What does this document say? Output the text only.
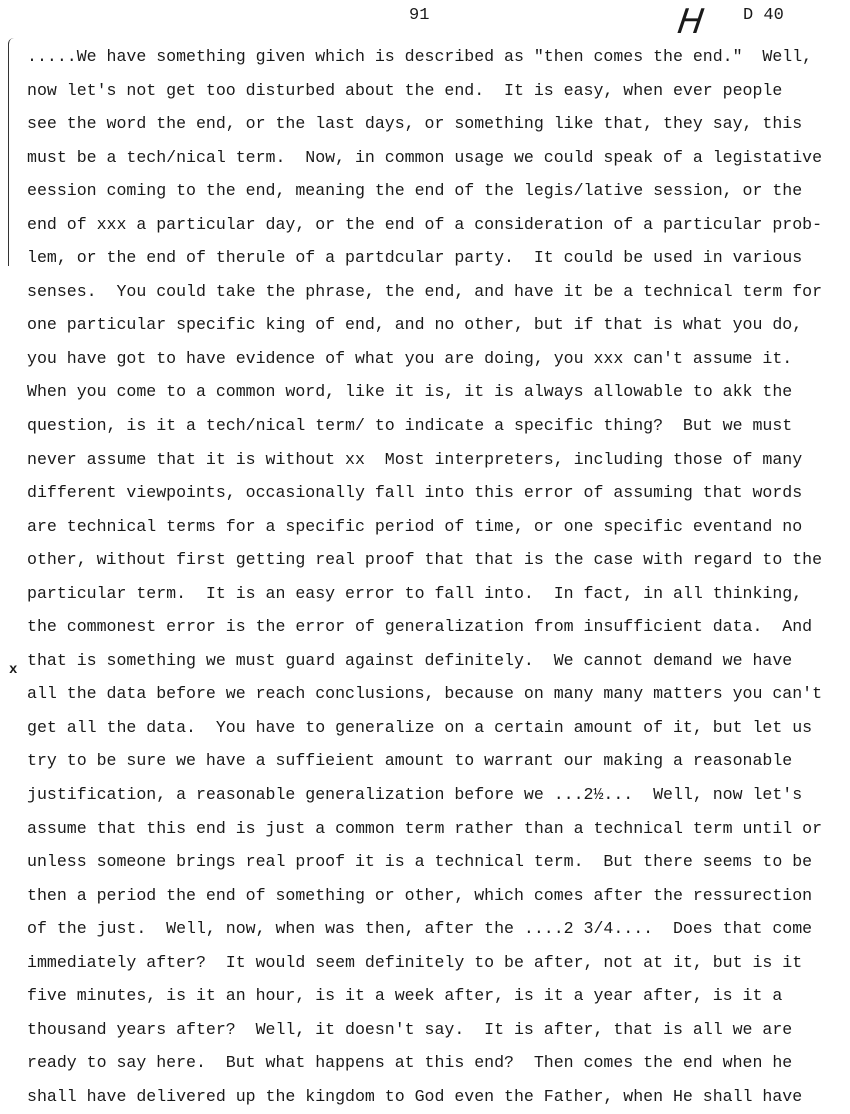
91	H D 40
x
.....We have something given which is described as "then comes the end."  Well,
now let's not get too disturbed about the end.  It is easy, when ever people
see the word the end, or the last days, or something like that, they say, this
must be a tech/nical term.  Now, in common usage we could speak of a legistative
eession coming to the end, meaning the end of the legis/lative session, or the
end of xxx a particular day, or the end of a consideration of a particular prob-
lem, or the end of therule of a partdcular party.  It could be used in various
senses.  You could take the phrase, the end, and have it be a technical term for
one particular specific king of end, and no other, but if that is what you do,
you have got to have evidence of what you are doing, you xxx can't assume it.
When you come to a common word, like it is, it is always allowable to akk the
question, is it a tech/nical term/ to indicate a specific thing?  But we must
never assume that it is without xx  Most interpreters, including those of many
different viewpoints, occasionally fall into this error of assuming that words
are technical terms for a specific period of time, or one specific eventand no
other, without first getting real proof that that is the case with regard to the
particular term.  It is an easy error to fall into.  In fact, in all thinking,
the commonest error is the error of generalization from insufficient data.  And
that is something we must guard against definitely.  We cannot demand we have
all the data before we reach conclusions, because on many many matters you can't
get all the data.  You have to generalize on a certain amount of it, but let us
try to be sure we have a suffieient amount to warrant our making a reasonable
justification, a reasonable generalization before we ...2½...  Well, now let's
assume that this end is just a common term rather than a technical term until or
unless someone brings real proof it is a technical term.  But there seems to be
then a period the end of something or other, which comes after the ressurection
of the just.  Well, now, when was then, after the ....2 3/4....  Does that come
immediately after?  It would seem definitely to be after, not at it, but is it
five minutes, is it an hour, is it a week after, is it a year after, is it a
thousand years after?  Well, it doesn't say.  It is after, that is all we are
ready to say here.  But what happens at this end?  Then comes the end when he
shall have delivered up the kingdom to God even the Father, when He shall have
